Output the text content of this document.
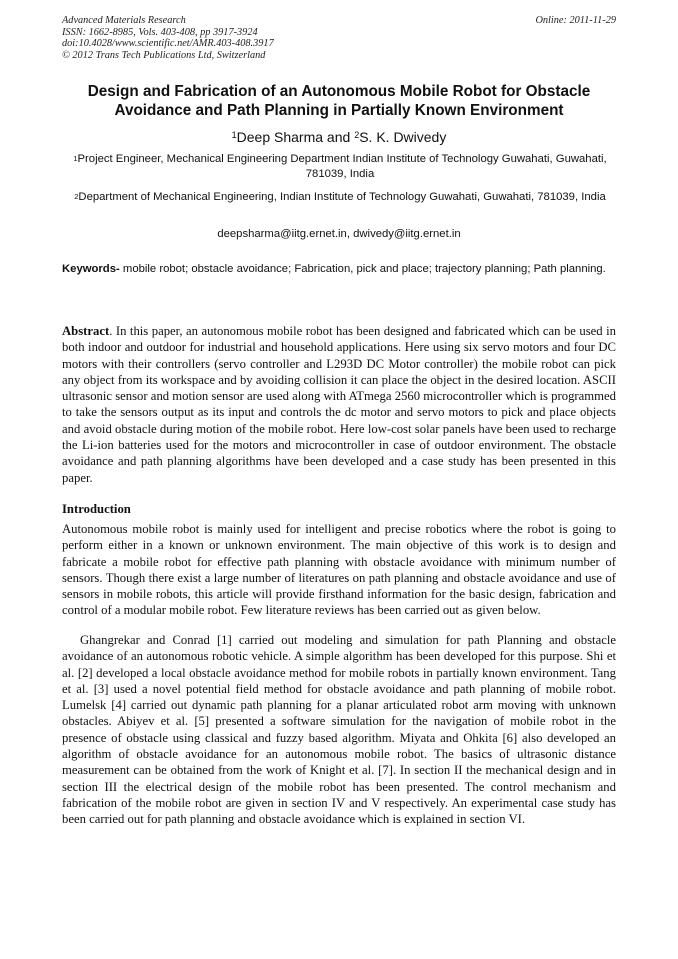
Advanced Materials Research
ISSN: 1662-8985, Vols. 403-408, pp 3917-3924
doi:10.4028/www.scientific.net/AMR.403-408.3917
© 2012 Trans Tech Publications Ltd, Switzerland
Online: 2011-11-29
Design and Fabrication of an Autonomous Mobile Robot for Obstacle Avoidance and Path Planning in Partially Known Environment
$^1$Deep Sharma and $^2$S. K. Dwivedy
$^1$Project Engineer, Mechanical Engineering Department Indian Institute of Technology Guwahati, Guwahati, 781039, India
$^2$Department of Mechanical Engineering, Indian Institute of Technology Guwahati, Guwahati, 781039, India
deepsharma@iitg.ernet.in, dwivedy@iitg.ernet.in
Keywords- mobile robot; obstacle avoidance; Fabrication, pick and place; trajectory planning; Path planning.
Abstract. In this paper, an autonomous mobile robot has been designed and fabricated which can be used in both indoor and outdoor for industrial and household applications. Here using six servo motors and four DC motors with their controllers (servo controller and L293D DC Motor controller) the mobile robot can pick any object from its workspace and by avoiding collision it can place the object in the desired location. ASCII ultrasonic sensor and motion sensor are used along with ATmega 2560 microcontroller which is programmed to take the sensors output as its input and controls the dc motor and servo motors to pick and place objects and avoid obstacle during motion of the mobile robot. Here low-cost solar panels have been used to recharge the Li-ion batteries used for the motors and microcontroller in case of outdoor environment. The obstacle avoidance and path planning algorithms have been developed and a case study has been presented in this paper.
Introduction
Autonomous mobile robot is mainly used for intelligent and precise robotics where the robot is going to perform either in a known or unknown environment. The main objective of this work is to design and fabricate a mobile robot for effective path planning with obstacle avoidance with minimum number of sensors. Though there exist a large number of literatures on path planning and obstacle avoidance and use of sensors in mobile robots, this article will provide firsthand information for the basic design, fabrication and control of a modular mobile robot. Few literature reviews has been carried out as given below.
Ghangrekar and Conrad [1] carried out modeling and simulation for path Planning and obstacle avoidance of an autonomous robotic vehicle. A simple algorithm has been developed for this purpose. Shi et al. [2] developed a local obstacle avoidance method for mobile robots in partially known environment. Tang et al. [3] used a novel potential field method for obstacle avoidance and path planning of mobile robot. Lumelsk [4] carried out dynamic path planning for a planar articulated robot arm moving with unknown obstacles. Abiyev et al. [5] presented a software simulation for the navigation of mobile robot in the presence of obstacle using classical and fuzzy based algorithm. Miyata and Ohkita [6] also developed an algorithm of obstacle avoidance for an autonomous mobile robot. The basics of ultrasonic distance measurement can be obtained from the work of Knight et al. [7]. In section II the mechanical design and in section III the electrical design of the mobile robot has been presented. The control mechanism and fabrication of the mobile robot are given in section IV and V respectively. An experimental case study has been carried out for path planning and obstacle avoidance which is explained in section VI.
